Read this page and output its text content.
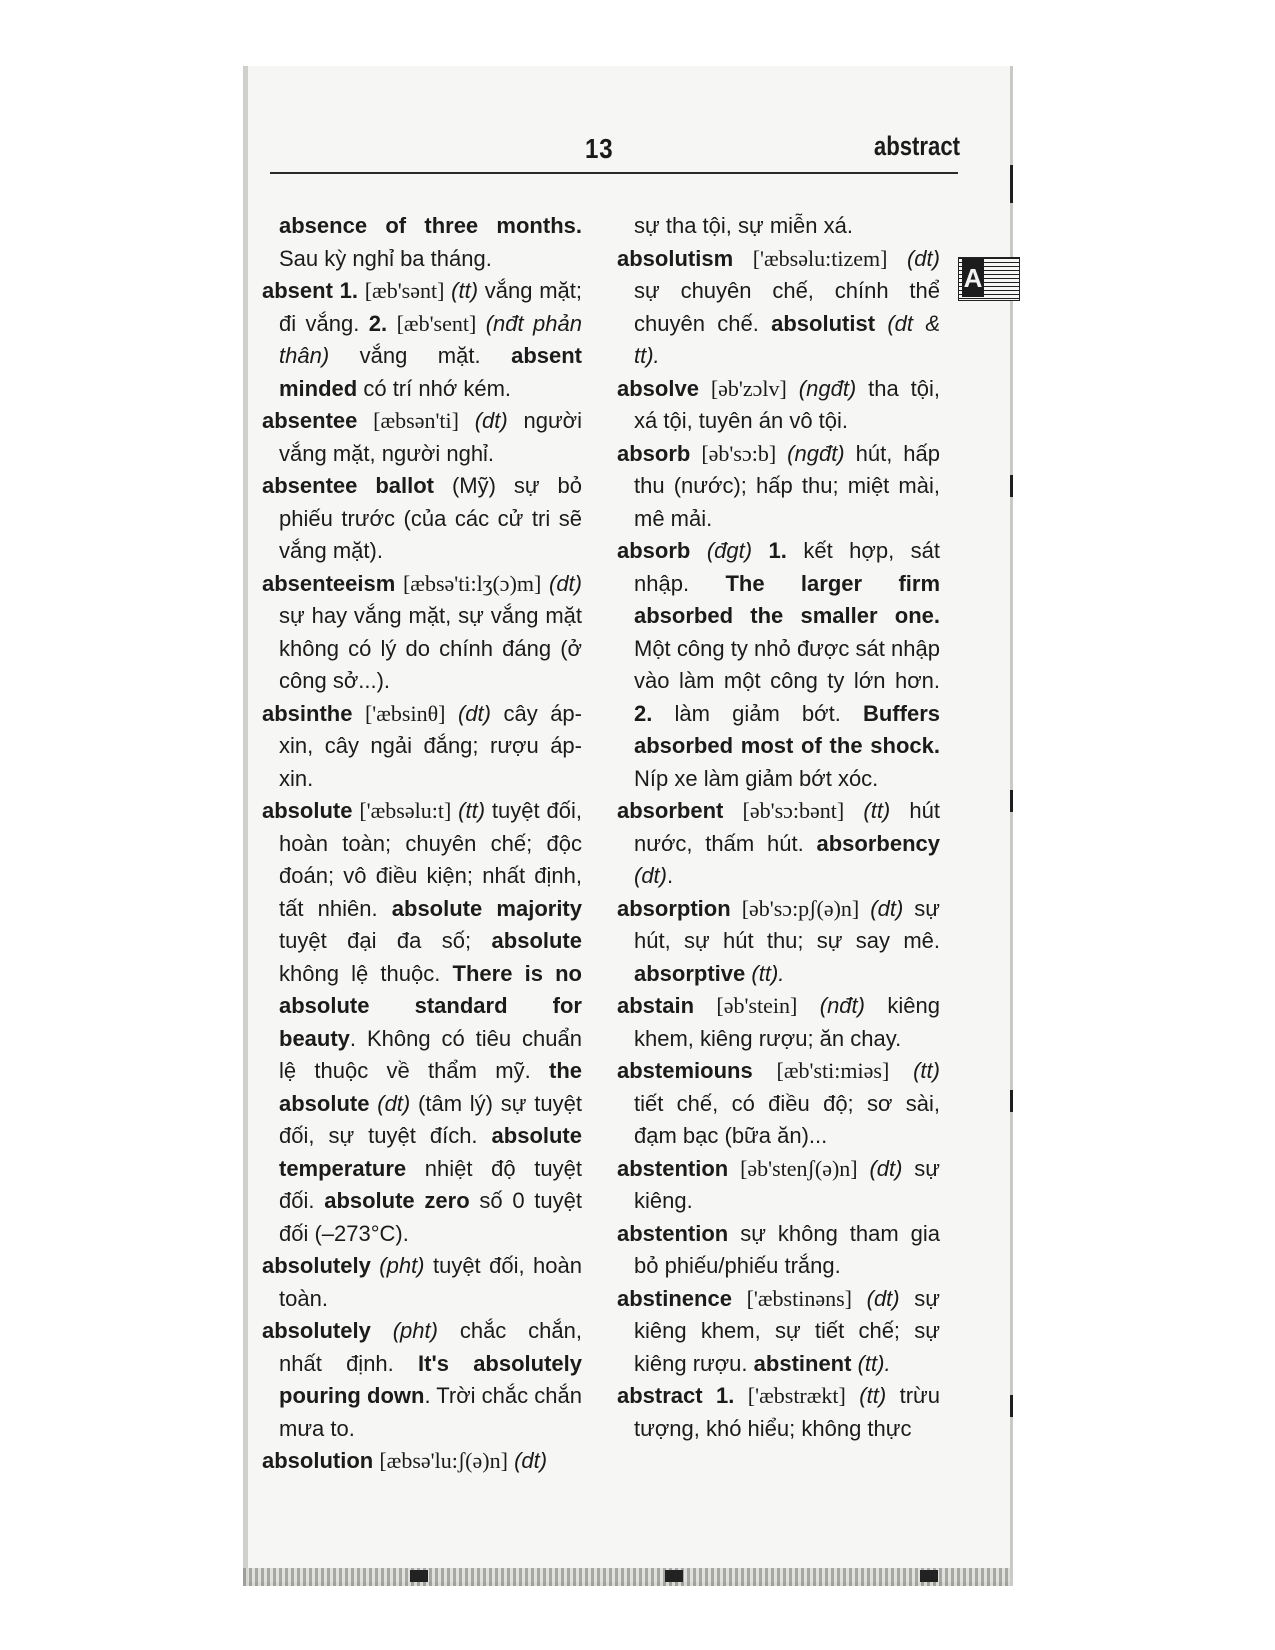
13	abstract
A

absence of three months. Sau kỳ nghỉ ba tháng.

absent 1. [æb'sənt] (tt) vắng mặt; đi vắng. 2. [æb'sent] (nđt phản thân) vắng mặt. absent minded có trí nhớ kém.

absentee [æbsən'ti] (dt) người vắng mặt, người nghỉ.

absentee ballot (Mỹ) sự bỏ phiếu trước (của các cử tri sẽ vắng mặt).

absenteeism [æbsə'ti:lʒ(ɔ)m] (dt) sự hay vắng mặt, sự vắng mặt không có lý do chính đáng (ở công sở...).

absinthe ['æbsinθ] (dt) cây áp-xin, cây ngải đắng; rượu áp-xin.

absolute ['æbsəlu:t] (tt) tuyệt đối, hoàn toàn; chuyên chế; độc đoán; vô điều kiện; nhất định, tất nhiên. absolute majority tuyệt đại đa số; absolute không lệ thuộc. There is no absolute standard for beauty. Không có tiêu chuẩn lệ thuộc về thẩm mỹ. the absolute (dt) (tâm lý) sự tuyệt đối, sự tuyệt đích. absolute temperature nhiệt độ tuyệt đối. absolute zero số 0 tuyệt đối (–273°C).

absolutely (pht) tuyệt đối, hoàn toàn.

absolutely (pht) chắc chắn, nhất định. It's absolutely pouring down. Trời chắc chắn mưa to.

absolution [æbsə'lu:ʃ(ə)n] (dt)

sự tha tội, sự miễn xá.

absolutism ['æbsəlu:tizem] (dt) sự chuyên chế, chính thể chuyên chế. absolutist (dt & tt).

absolve [əb'zɔlv] (ngđt) tha tội, xá tội, tuyên án vô tội.

absorb [əb'sɔ:b] (ngđt) hút, hấp thu (nước); hấp thu; miệt mài, mê mải.

absorb (đgt) 1. kết hợp, sát nhập. The larger firm absorbed the smaller one. Một công ty nhỏ được sát nhập vào làm một công ty lớn hơn. 2. làm giảm bớt. Buffers absorbed most of the shock. Níp xe làm giảm bớt xóc.

absorbent [əb'sɔ:bənt] (tt) hút nước, thấm hút. absorbency (dt).

absorption [əb'sɔ:pʃ(ə)n] (dt) sự hút, sự hút thu; sự say mê. absorptive (tt).

abstain [əb'stein] (nđt) kiêng khem, kiêng rượu; ăn chay.

abstemiouns [æb'sti:miəs] (tt) tiết chế, có điều độ; sơ sài, đạm bạc (bữa ăn)...

abstention [əb'stenʃ(ə)n] (dt) sự kiêng.

abstention sự không tham gia bỏ phiếu/phiếu trắng.

abstinence ['æbstinəns] (dt) sự kiêng khem, sự tiết chế; sự kiêng rượu. abstinent (tt).

abstract 1. ['æbstrækt] (tt) trừu tượng, khó hiểu; không thực
